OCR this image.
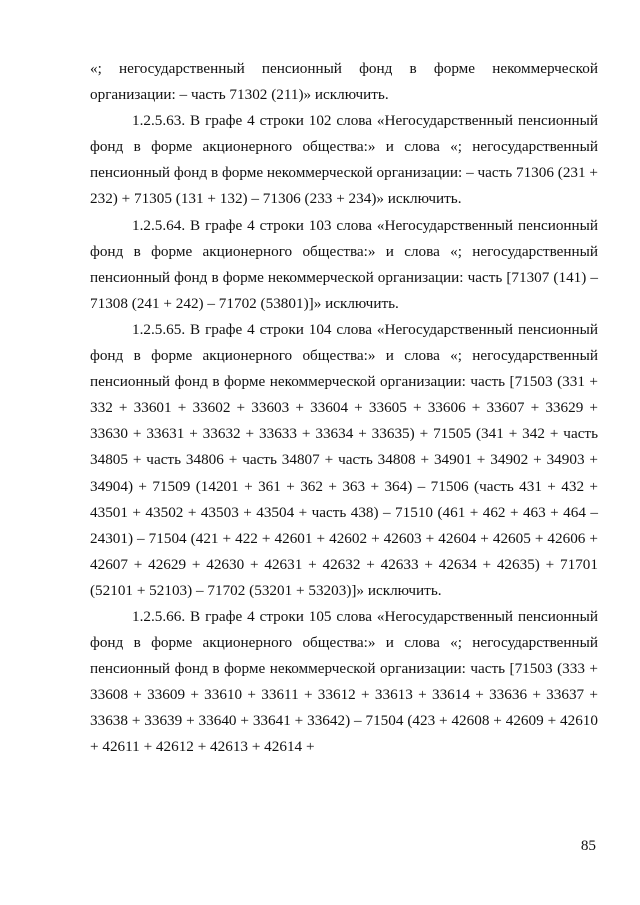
«; негосударственный пенсионный фонд в форме некоммерческой организации: – часть 71302 (211)» исключить.

1.2.5.63. В графе 4 строки 102 слова «Негосударственный пенсионный фонд в форме акционерного общества:» и слова «; негосударственный пенсионный фонд в форме некоммерческой организации: – часть 71306 (231 + 232) + 71305 (131 + 132) – 71306 (233 + 234)» исключить.

1.2.5.64. В графе 4 строки 103 слова «Негосударственный пенсионный фонд в форме акционерного общества:» и слова «; негосударственный пенсионный фонд в форме некоммерческой организации: часть [71307 (141) – 71308 (241 + 242) – 71702 (53801)]» исключить.

1.2.5.65. В графе 4 строки 104 слова «Негосударственный пенсионный фонд в форме акционерного общества:» и слова «; негосударственный пенсионный фонд в форме некоммерческой организации: часть [71503 (331 + 332 + 33601 + 33602 + 33603 + 33604 + 33605 + 33606 + 33607 + 33629 + 33630 + 33631 + 33632 + 33633 + 33634 + 33635) + 71505 (341 + 342 + часть 34805 + часть 34806 + часть 34807 + часть 34808 + 34901 + 34902 + 34903 + 34904) + 71509 (14201 + 361 + 362 + 363 + 364) – 71506 (часть 431 + 432 + 43501 + 43502 + 43503 + 43504 + часть 438) – 71510 (461 + 462 + 463 + 464 – 24301) – 71504 (421 + 422 + 42601 + 42602 + 42603 + 42604 + 42605 + 42606 + 42607 + 42629 + 42630 + 42631 + 42632 + 42633 + 42634 + 42635) + 71701 (52101 + 52103) – 71702 (53201 + 53203)]» исключить.

1.2.5.66. В графе 4 строки 105 слова «Негосударственный пенсионный фонд в форме акционерного общества:» и слова «; негосударственный пенсионный фонд в форме некоммерческой организации: часть [71503 (333 + 33608 + 33609 + 33610 + 33611 + 33612 + 33613 + 33614 + 33636 + 33637 + 33638 + 33639 + 33640 + 33641 + 33642) – 71504 (423 + 42608 + 42609 + 42610 + 42611 + 42612 + 42613 + 42614 +

85
